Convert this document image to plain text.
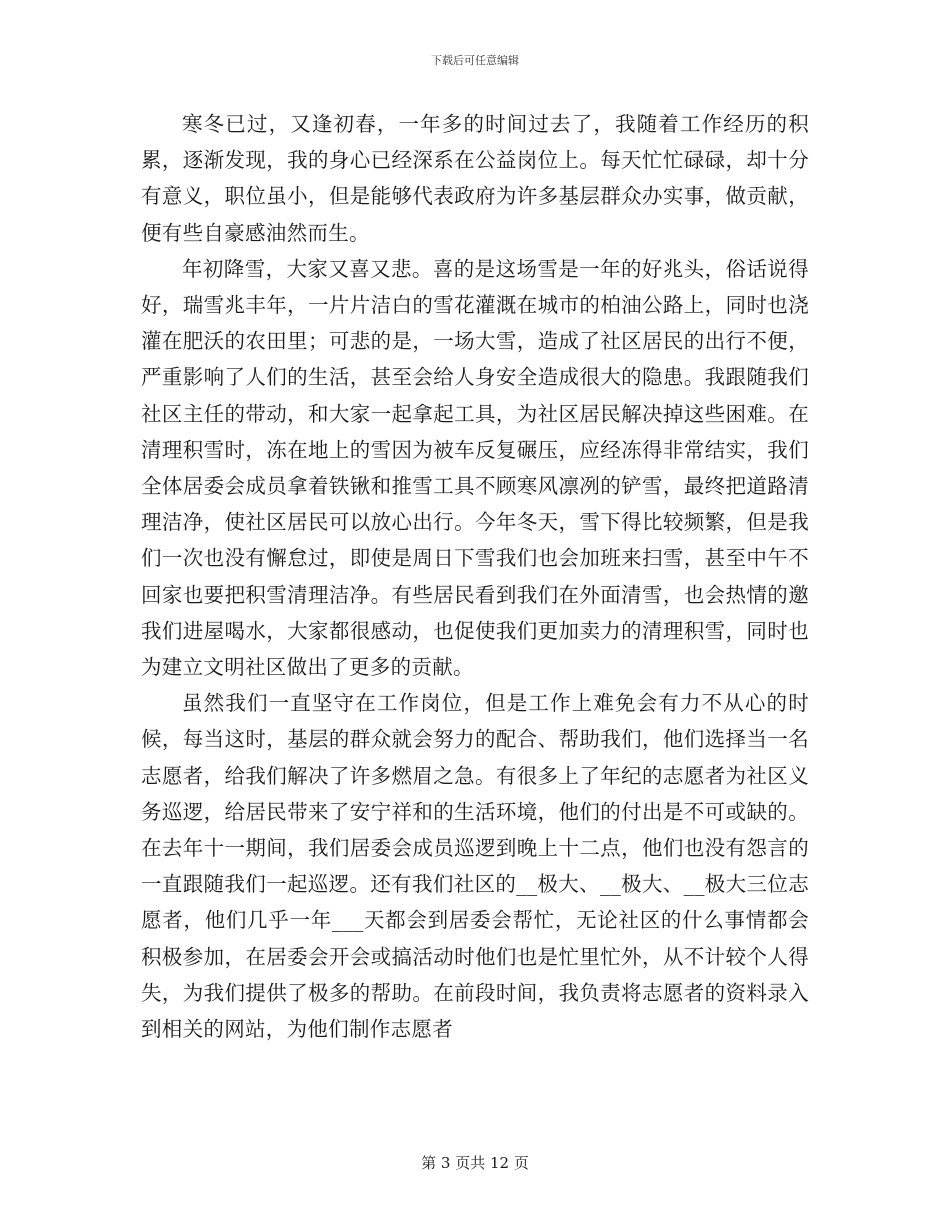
下载后可任意编辑

寒冬已过，又逢初春，一年多的时间过去了，我随着工作经历的积累，逐渐发现，我的身心已经深系在公益岗位上。每天忙忙碌碌，却十分有意义，职位虽小，但是能够代表政府为许多基层群众办实事，做贡献，便有些自豪感油然而生。

年初降雪，大家又喜又悲。喜的是这场雪是一年的好兆头，俗话说得好，瑞雪兆丰年，一片片洁白的雪花灌溉在城市的柏油公路上，同时也浇灌在肥沃的农田里；可悲的是，一场大雪，造成了社区居民的出行不便，严重影响了人们的生活，甚至会给人身安全造成很大的隐患。我跟随我们社区主任的带动，和大家一起拿起工具，为社区居民解决掉这些困难。在清理积雪时，冻在地上的雪因为被车反复碾压，应经冻得非常结实，我们全体居委会成员拿着铁锹和推雪工具不顾寒风凛冽的铲雪，最终把道路清理洁净，使社区居民可以放心出行。今年冬天，雪下得比较频繁，但是我们一次也没有懈怠过，即使是周日下雪我们也会加班来扫雪，甚至中午不回家也要把积雪清理洁净。有些居民看到我们在外面清雪，也会热情的邀我们进屋喝水，大家都很感动，也促使我们更加卖力的清理积雪，同时也为建立文明社区做出了更多的贡献。

虽然我们一直坚守在工作岗位，但是工作上难免会有力不从心的时候，每当这时，基层的群众就会努力的配合、帮助我们，他们选择当一名志愿者，给我们解决了许多燃眉之急。有很多上了年纪的志愿者为社区义务巡逻，给居民带来了安宁祥和的生活环境，他们的付出是不可或缺的。在去年十一期间，我们居委会成员巡逻到晚上十二点，他们也没有怨言的一直跟随我们一起巡逻。还有我们社区的__极大、__极大、__极大三位志愿者，他们几乎一年___天都会到居委会帮忙，无论社区的什么事情都会积极参加，在居委会开会或搞活动时他们也是忙里忙外，从不计较个人得失，为我们提供了极多的帮助。在前段时间，我负责将志愿者的资料录入到相关的网站，为他们制作志愿者

第 3 页共 12 页
